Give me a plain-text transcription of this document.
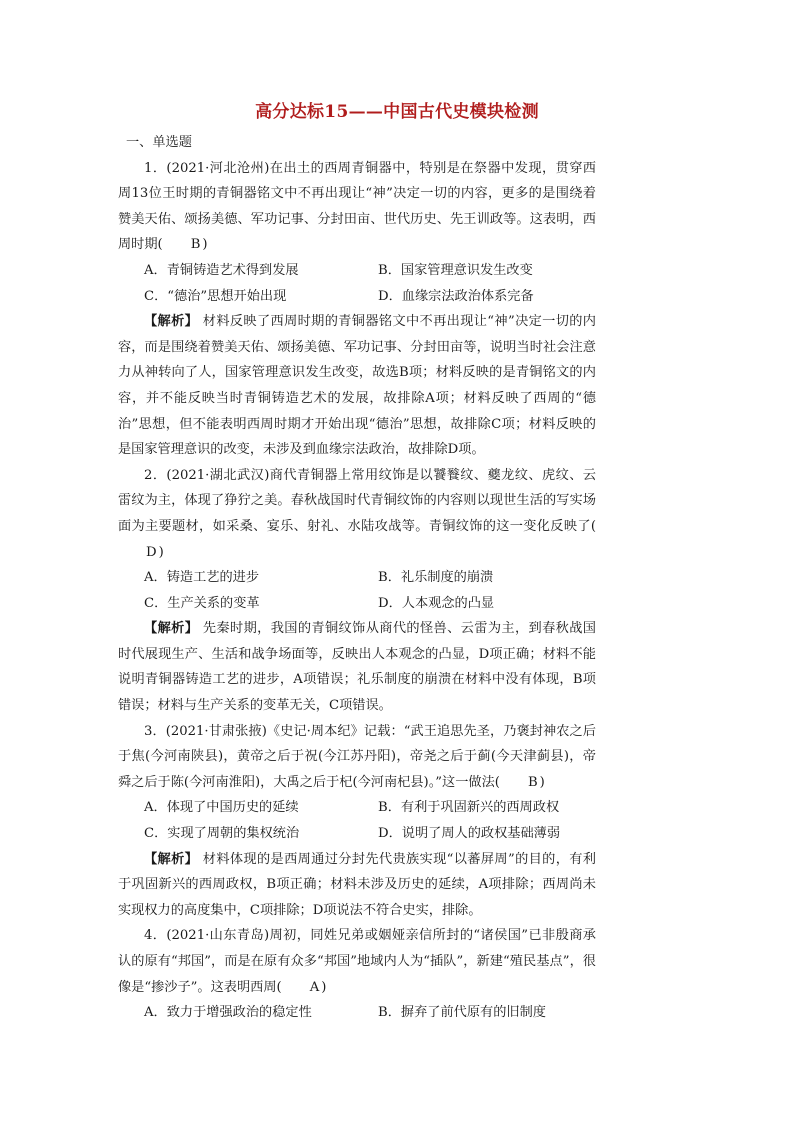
高分达标15——中国古代史模块检测

一、单选题

1．(2021·河北沧州)在出土的西周青铜器中，特别是在祭器中发现，贯穿西周13位王时期的青铜器铭文中不再出现让“神”决定一切的内容，更多的是围绕着赞美天佑、颂扬美德、军功记事、分封田亩、世代历史、先王训政等。这表明，西周时期( B )

A．青铜铸造艺术得到发展	B．国家管理意识发生改变
C．“德治”思想开始出现	D．血缘宗法政治体系完备

【解析】 材料反映了西周时期的青铜器铭文中不再出现让“神”决定一切的内容，而是围绕着赞美天佑、颂扬美德、军功记事、分封田亩等，说明当时社会注意力从神转向了人，国家管理意识发生改变，故选B项；材料反映的是青铜铭文的内容，并不能反映当时青铜铸造艺术的发展，故排除A项；材料反映了西周的“德治”思想，但不能表明西周时期才开始出现“德治”思想，故排除C项；材料反映的是国家管理意识的改变，未涉及到血缘宗法政治，故排除D项。

2．(2021·湖北武汉)商代青铜器上常用纹饰是以饕餮纹、夔龙纹、虎纹、云雷纹为主，体现了狰狞之美。春秋战国时代青铜纹饰的内容则以现世生活的写实场面为主要题材，如采桑、宴乐、射礼、水陆攻战等。青铜纹饰的这一变化反映了(D )

A．铸造工艺的进步	B．礼乐制度的崩溃
C．生产关系的变革	D．人本观念的凸显

【解析】 先秦时期，我国的青铜纹饰从商代的怪兽、云雷为主，到春秋战国时代展现生产、生活和战争场面等，反映出人本观念的凸显，D项正确；材料不能说明青铜器铸造工艺的进步，A项错误；礼乐制度的崩溃在材料中没有体现，B项错误；材料与生产关系的变革无关，C项错误。

3．(2021·甘肃张掖)《史记·周本纪》记载：“武王追思先圣，乃褒封神农之后于焦(今河南陕县)，黄帝之后于祝(今江苏丹阳)，帝尧之后于蓟(今天津蓟县)，帝舜之后于陈(今河南淮阳)，大禹之后于杞(今河南杞县)。”这一做法( B )

A．体现了中国历史的延续	B．有利于巩固新兴的西周政权
C．实现了周朝的集权统治	D．说明了周人的政权基础薄弱

【解析】 材料体现的是西周通过分封先代贵族实现“以蕃屏周”的目的，有利于巩固新兴的西周政权，B项正确；材料未涉及历史的延续，A项排除；西周尚未实现权力的高度集中，C项排除；D项说法不符合史实，排除。

4．(2021·山东青岛)周初，同姓兄弟或姻娅亲信所封的“诸侯国”已非殷商承认的原有“邦国”，而是在原有众多“邦国”地域内人为“插队”，新建“殖民基点”，很像是“掺沙子”。这表明西周( A )

A．致力于增强政治的稳定性	B．摒弃了前代原有的旧制度
